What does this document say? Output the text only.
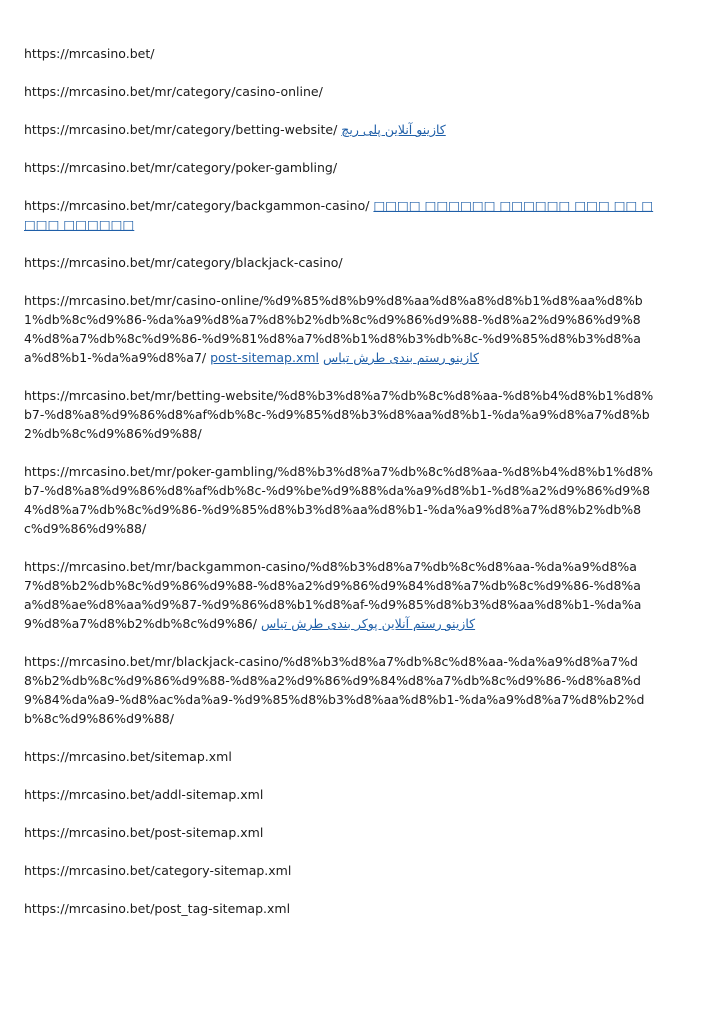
https://mrcasino.bet/

https://mrcasino.bet/mr/category/casino-online/

https://mrcasino.bet/mr/category/betting-website/ کازینو آنلاین پلی ریچ

https://mrcasino.bet/mr/category/poker-gambling/

https://mrcasino.bet/mr/category/backgammon-casino/ □□□□ □□□□□□ □□□□□□ □□□ □□ □□□□ □□□□□□

https://mrcasino.bet/mr/category/blackjack-casino/

https://mrcasino.bet/mr/casino-online/%d9%85%d8%b9%d8%aa%d8%a8%d8%b1%d8%aa%d8%b1%db%8c%d9%86-%da%a9%d8%a7%d8%b2%db%8c%d9%86%d9%88-%d8%a2%d9%86%d9%84%d8%a7%db%8c%d9%86-%d9%81%d8%a7%d8%b1%d8%b3%db%8c-%d9%85%d8%b3%d8%aa%d8%b1-%da%a9%d8%a7/ post-sitemap.xml کازینو رستم بندی طرش تیاس

https://mrcasino.bet/mr/betting-website/%d8%b3%d8%a7%db%8c%d8%aa-%d8%b4%d8%b1%d8%b7-%d8%a8%d9%86%d8%af%db%8c-%d9%85%d8%b3%d8%aa%d8%b1-%da%a9%d8%a7%d8%b2%db%8c%d9%86%d9%88/

https://mrcasino.bet/mr/poker-gambling/%d8%b3%d8%a7%db%8c%d8%aa-%d8%b4%d8%b1%d8%b7-%d8%a8%d9%86%d8%af%db%8c-%d9%be%d9%88%da%a9%d8%b1-%d8%a2%d9%86%d9%84%d8%a7%db%8c%d9%86-%d9%85%d8%b3%d8%aa%d8%b1-%da%a9%d8%a7%d8%b2%db%8c%d9%86%d9%88/

https://mrcasino.bet/mr/backgammon-casino/%d8%b3%d8%a7%db%8c%d8%aa-%da%a9%d8%a7%d8%b2%db%8c%d9%86%d9%88-%d8%a2%d9%86%d9%84%d8%a7%db%8c%d9%86-%d8%aa%d8%ae%d8%aa%d9%87-%d9%86%d8%b1%d8%af-%d9%85%d8%b3%d8%aa%d8%b1-%da%a9%d8%a7%d8%b2%db%8c%d9%86/ کازینو رستم آنلاین پوکر بندی طرش تیاس

https://mrcasino.bet/mr/blackjack-casino/%d8%b3%d8%a7%db%8c%d8%aa-%da%a9%d8%a7%d8%b2%db%8c%d9%86%d9%88-%d8%a2%d9%86%d9%84%d8%a7%db%8c%d9%86-%d8%a8%d9%84%da%a9-%d8%ac%da%a9-%d9%85%d8%b3%d8%aa%d8%b1-%da%a9%d8%a7%d8%b2%db%8c%d9%86%d9%88/

https://mrcasino.bet/sitemap.xml

https://mrcasino.bet/addl-sitemap.xml

https://mrcasino.bet/post-sitemap.xml

https://mrcasino.bet/category-sitemap.xml

https://mrcasino.bet/post_tag-sitemap.xml
